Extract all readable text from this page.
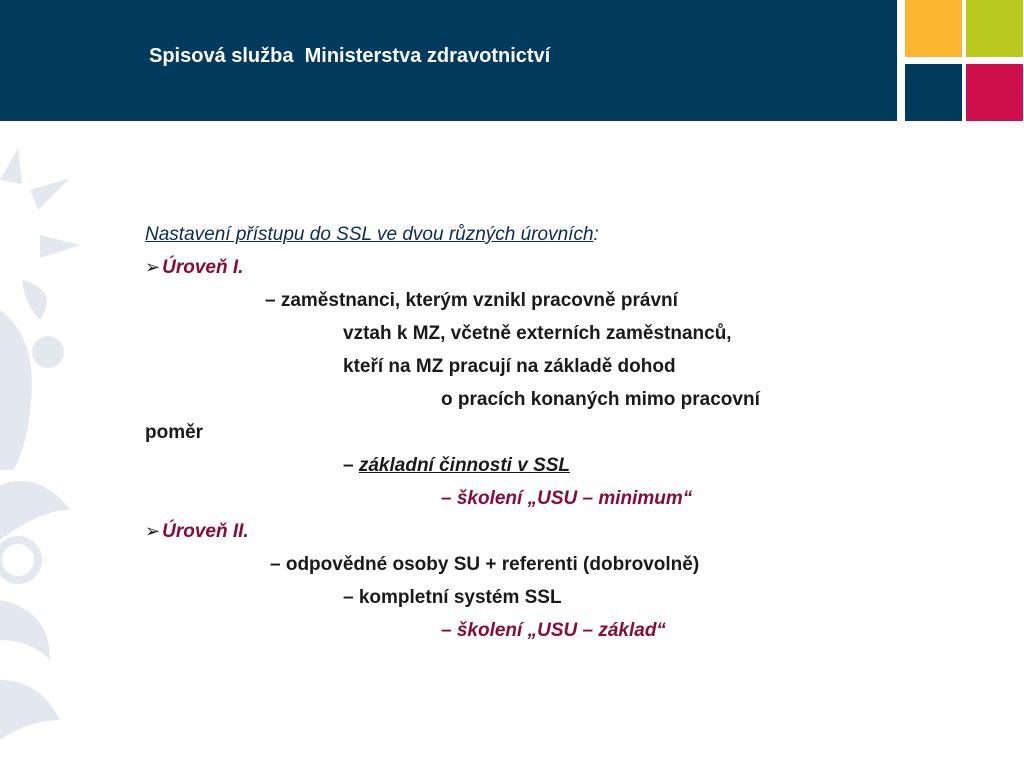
Spisová služba  Ministerstva zdravotnictví
Nastavení přístupu do SSL ve dvou různých úrovních:
➢ Úroveň I.
– zaměstnanci, kterým vznikl pracovně právní
vztah k MZ, včetně externích zaměstnanců,
kteří na MZ pracují na základě dohod
o pracích konaných mimo pracovní
poměr
– základní činnosti v SSL
– školení „USU – minimum“
➢ Úroveň II.
– odpovědné osoby SU + referenti (dobrovolně)
– kompletní systém SSL
– školení „USU – základ“
